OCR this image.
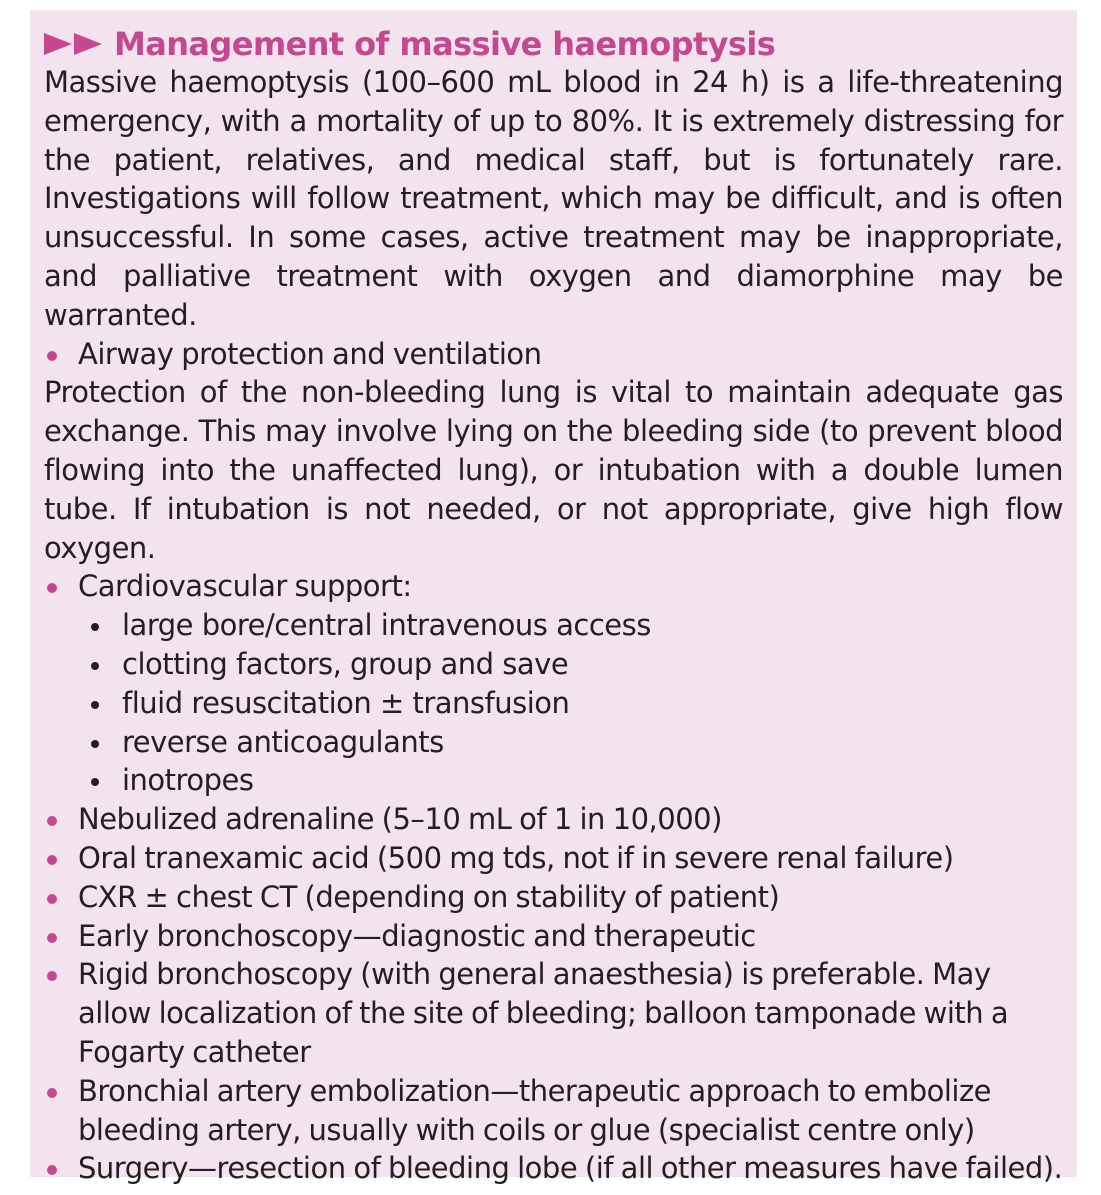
Management of massive haemoptysis
Massive haemoptysis (100–600 mL blood in 24 h) is a life-threatening emergency, with a mortality of up to 80%. It is extremely distressing for the patient, relatives, and medical staff, but is fortunately rare. Investigations will follow treatment, which may be difficult, and is often unsuccessful. In some cases, active treatment may be inappropriate, and palliative treatment with oxygen and diamorphine may be warranted.
Airway protection and ventilation
Protection of the non-bleeding lung is vital to maintain adequate gas exchange. This may involve lying on the bleeding side (to prevent blood flowing into the unaffected lung), or intubation with a double lumen tube. If intubation is not needed, or not appropriate, give high flow oxygen.
Cardiovascular support:
large bore/central intravenous access
clotting factors, group and save
fluid resuscitation ± transfusion
reverse anticoagulants
inotropes
Nebulized adrenaline (5–10 mL of 1 in 10,000)
Oral tranexamic acid (500 mg tds, not if in severe renal failure)
CXR ± chest CT (depending on stability of patient)
Early bronchoscopy—diagnostic and therapeutic
Rigid bronchoscopy (with general anaesthesia) is preferable. May allow localization of the site of bleeding; balloon tamponade with a Fogarty catheter
Bronchial artery embolization—therapeutic approach to embolize bleeding artery, usually with coils or glue (specialist centre only)
Surgery—resection of bleeding lobe (if all other measures have failed).
